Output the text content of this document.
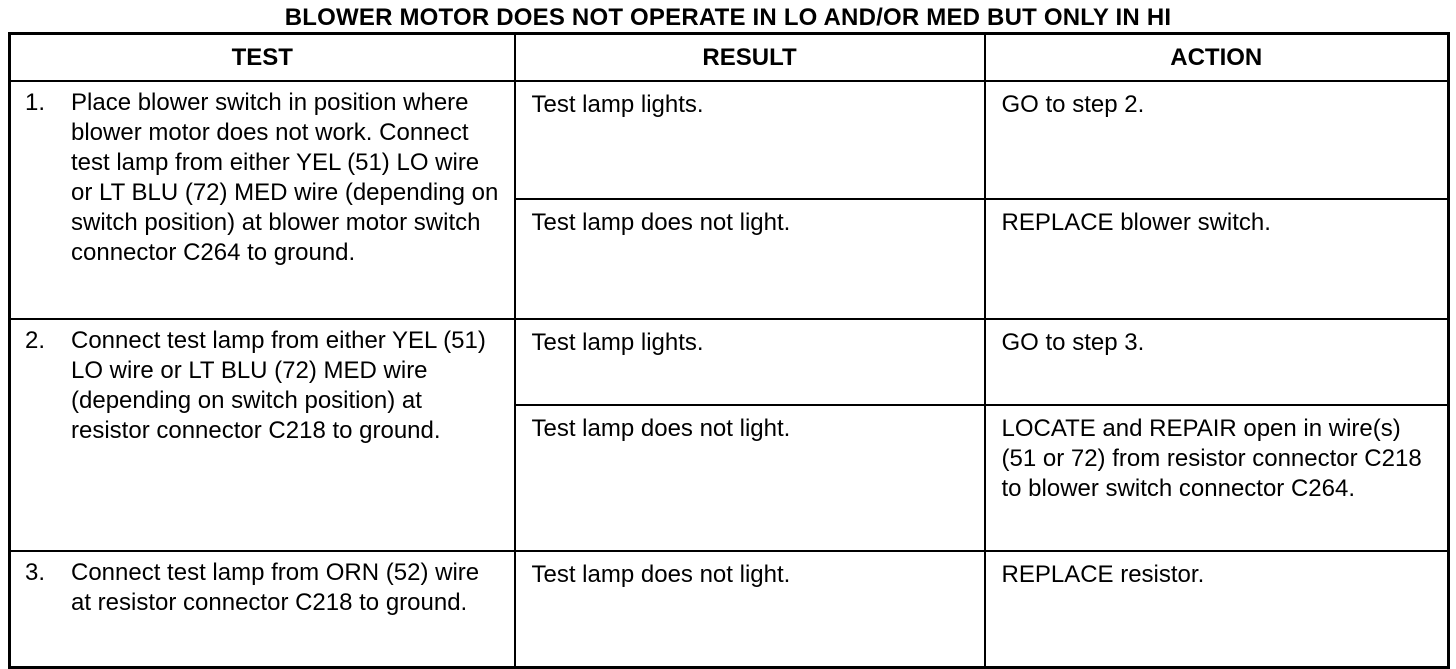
BLOWER MOTOR DOES NOT OPERATE IN LO AND/OR MED BUT ONLY IN HI
TEST	RESULT	ACTION

1. Place blower switch in position where blower motor does not work. Connect test lamp from either YEL (51) LO wire or LT BLU (72) MED wire (depending on switch position) at blower motor switch connector C264 to ground.	Test lamp lights.	GO to step 2.
	Test lamp does not light.	REPLACE blower switch.

2. Connect test lamp from either YEL (51) LO wire or LT BLU (72) MED wire (depending on switch position) at resistor connector C218 to ground.	Test lamp lights.	GO to step 3.
	Test lamp does not light.	LOCATE and REPAIR open in wire(s) (51 or 72) from resistor connector C218 to blower switch connector C264.

3. Connect test lamp from ORN (52) wire at resistor connector C218 to ground.	Test lamp does not light.	REPLACE resistor.
